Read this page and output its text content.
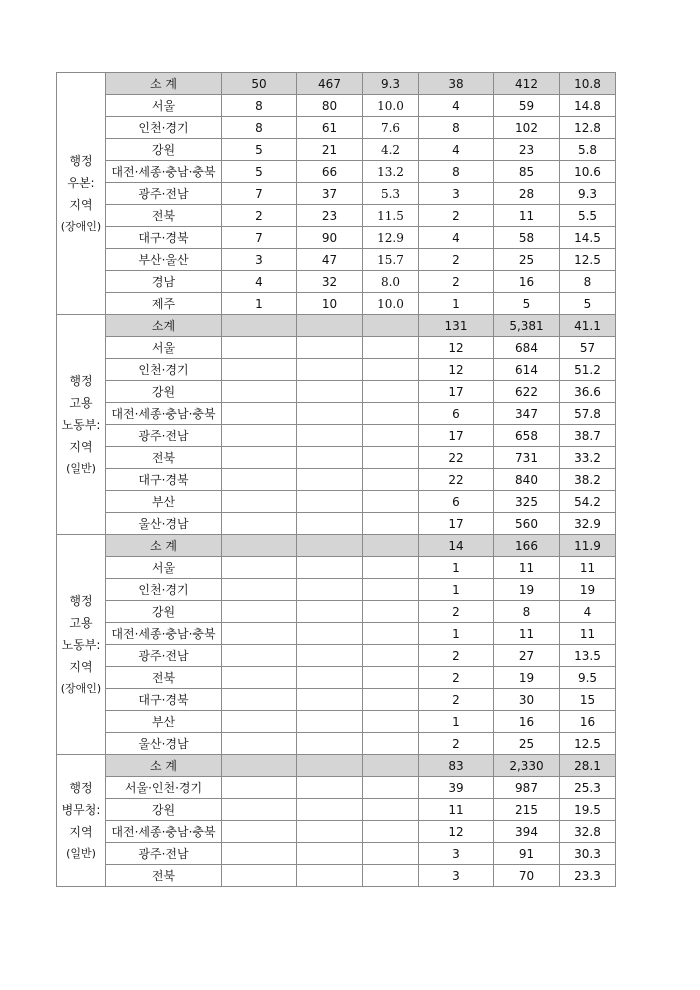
행정
우본:
지역
(장애인)	소 계	50	467	9.3	38	412	10.8
	서울	8	80	10.0	4	59	14.8
	인천·경기	8	61	7.6	8	102	12.8
	강원	5	21	4.2	4	23	5.8
	대전·세종·충남·충북	5	66	13.2	8	85	10.6
	광주·전남	7	37	5.3	3	28	9.3
	전북	2	23	11.5	2	11	5.5
	대구·경북	7	90	12.9	4	58	14.5
	부산·울산	3	47	15.7	2	25	12.5
	경남	4	32	8.0	2	16	8
	제주	1	10	10.0	1	5	5

행정
고용
노동부:
지역
(일반)	소계				131	5,381	41.1
	서울				12	684	57
	인천·경기				12	614	51.2
	강원				17	622	36.6
	대전·세종·충남·충북				6	347	57.8
	광주·전남				17	658	38.7
	전북				22	731	33.2
	대구·경북				22	840	38.2
	부산				6	325	54.2
	울산·경남				17	560	32.9

행정
고용
노동부:
지역
(장애인)	소 계				14	166	11.9
	서울				1	11	11
	인천·경기				1	19	19
	강원				2	8	4
	대전·세종·충남·충북				1	11	11
	광주·전남				2	27	13.5
	전북				2	19	9.5
	대구·경북				2	30	15
	부산				1	16	16
	울산·경남				2	25	12.5

행정
병무청:
지역
(일반)	소 계				83	2,330	28.1
	서울·인천·경기				39	987	25.3
	강원				11	215	19.5
	대전·세종·충남·충북				12	394	32.8
	광주·전남				3	91	30.3
	전북				3	70	23.3
